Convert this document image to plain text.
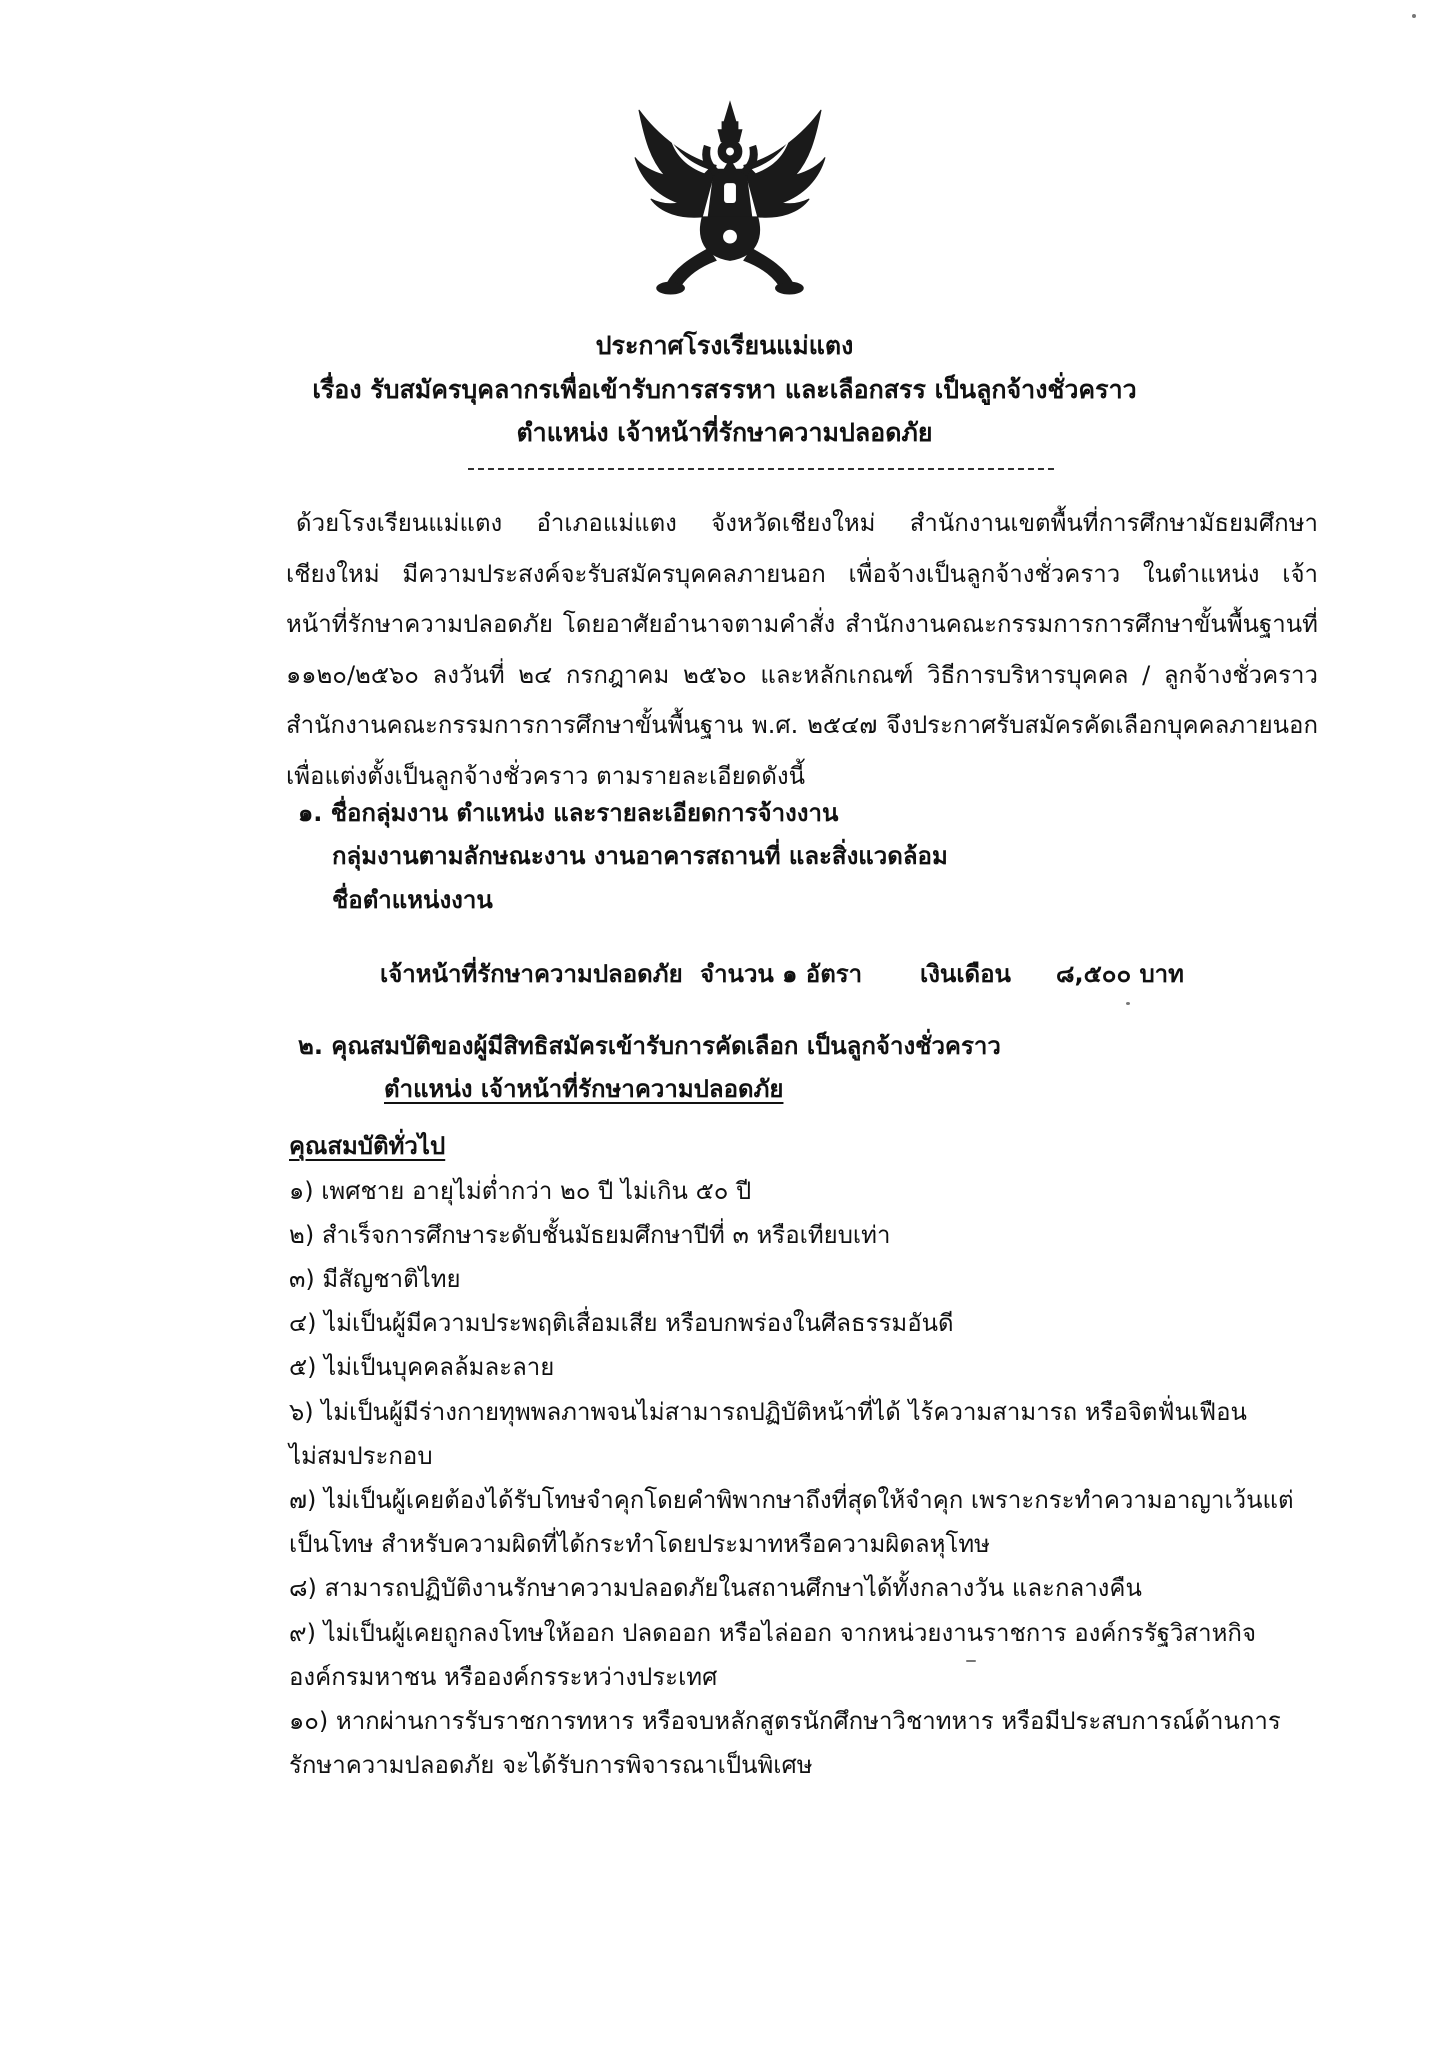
ประกาศโรงเรียนแม่แตง
เรื่อง รับสมัครบุคลากรเพื่อเข้ารับการสรรหา และเลือกสรร เป็นลูกจ้างชั่วคราว
ตำแหน่ง เจ้าหน้าที่รักษาความปลอดภัย
ด้วยโรงเรียนแม่แตง อำเภอแม่แตง จังหวัดเชียงใหม่ สำนักงานเขตพื้นที่การศึกษามัธยมศึกษาเชียงใหม่ มีความประสงค์จะรับสมัครบุคคลภายนอก เพื่อจ้างเป็นลูกจ้างชั่วคราว ในตำแหน่ง เจ้าหน้าที่รักษาความปลอดภัย โดยอาศัยอำนาจตามคำสั่ง สำนักงานคณะกรรมการการศึกษาขั้นพื้นฐานที่ ๑๑๒๐/๒๕๖๐ ลงวันที่ ๒๔ กรกฎาคม ๒๕๖๐ และหลักเกณฑ์ วิธีการบริหารบุคคล / ลูกจ้างชั่วคราว สำนักงานคณะกรรมการการศึกษาขั้นพื้นฐาน พ.ศ. ๒๕๔๗ จึงประกาศรับสมัครคัดเลือกบุคคลภายนอกเพื่อแต่งตั้งเป็นลูกจ้างชั่วคราว ตามรายละเอียดดังนี้
๑. ชื่อกลุ่มงาน ตำแหน่ง และรายละเอียดการจ้างงาน
กลุ่มงานตามลักษณะงาน งานอาคารสถานที่ และสิ่งแวดล้อม
ชื่อตำแหน่งงาน
เจ้าหน้าที่รักษาความปลอดภัย จำนวน ๑ อัตรา เงินเดือน ๘,๕๐๐ บาท
๒. คุณสมบัติของผู้มีสิทธิสมัครเข้ารับการคัดเลือก เป็นลูกจ้างชั่วคราว
ตำแหน่ง เจ้าหน้าที่รักษาความปลอดภัย
คุณสมบัติทั่วไป
๑) เพศชาย อายุไม่ต่ำกว่า ๒๐ ปี ไม่เกิน ๕๐ ปี
๒) สำเร็จการศึกษาระดับชั้นมัธยมศึกษาปีที่ ๓ หรือเทียบเท่า
๓) มีสัญชาติไทย
๔) ไม่เป็นผู้มีความประพฤติเสื่อมเสีย หรือบกพร่องในศีลธรรมอันดี
๕) ไม่เป็นบุคคลล้มละลาย
๖) ไม่เป็นผู้มีร่างกายทุพพลภาพจนไม่สามารถปฏิบัติหน้าที่ได้ ไร้ความสามารถ หรือจิตฟั่นเฟือน
ไม่สมประกอบ
๗) ไม่เป็นผู้เคยต้องได้รับโทษจำคุกโดยคำพิพากษาถึงที่สุดให้จำคุก เพราะกระทำความอาญาเว้นแต่
เป็นโทษ สำหรับความผิดที่ได้กระทำโดยประมาทหรือความผิดลหุโทษ
๘) สามารถปฏิบัติงานรักษาความปลอดภัยในสถานศึกษาได้ทั้งกลางวัน และกลางคืน
๙) ไม่เป็นผู้เคยถูกลงโทษให้ออก ปลดออก หรือไล่ออก จากหน่วยงานราชการ องค์กรรัฐวิสาหกิจ
องค์กรมหาชน หรือองค์กรระหว่างประเทศ
๑๐) หากผ่านการรับราชการทหาร หรือจบหลักสูตรนักศึกษาวิชาทหาร หรือมีประสบการณ์ด้านการ
รักษาความปลอดภัย จะได้รับการพิจารณาเป็นพิเศษ
